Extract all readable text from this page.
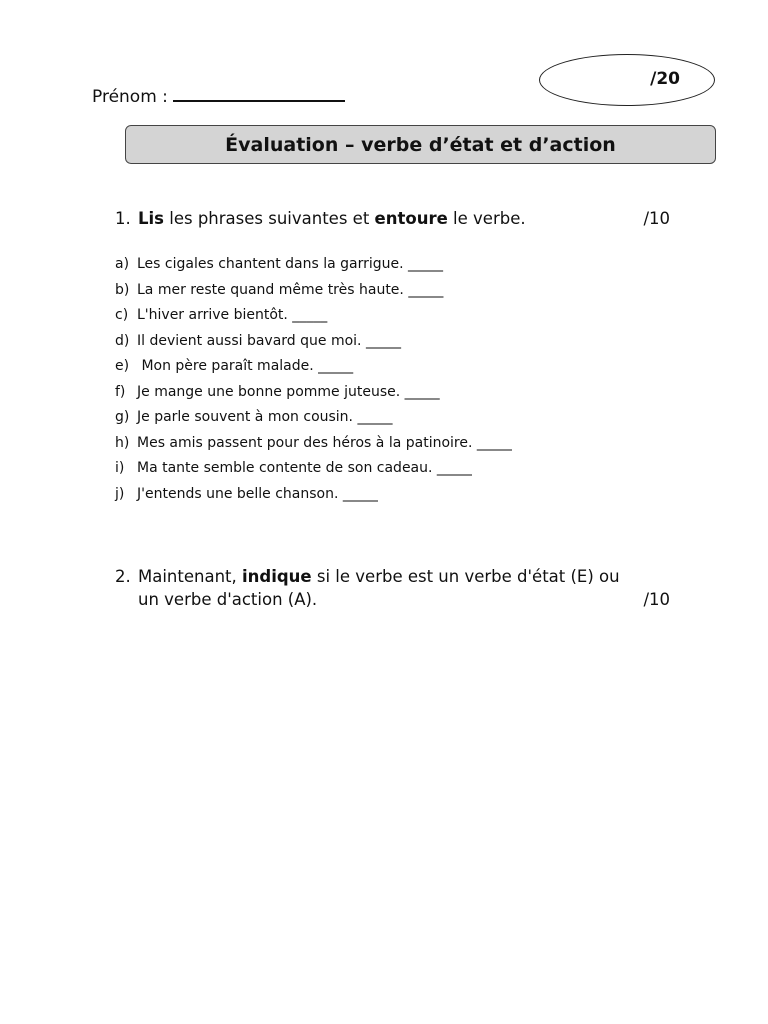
/20
Prénom :
Évaluation – verbe d’état et d’action
1. Lis les phrases suivantes et entoure le verbe.	/10
a) Les cigales chantent dans la garrigue. _____
b) La mer reste quand même très haute. _____
c) L'hiver arrive bientôt. _____
d) Il devient aussi bavard que moi. _____
e) Mon père paraît malade. _____
f) Je mange une bonne pomme juteuse. _____
g) Je parle souvent à mon cousin. _____
h) Mes amis passent pour des héros à la patinoire. _____
i) Ma tante semble contente de son cadeau. _____
j) J'entends une belle chanson. _____
2. Maintenant, indique si le verbe est un verbe d'état (E) ou un verbe d'action (A).	/10
